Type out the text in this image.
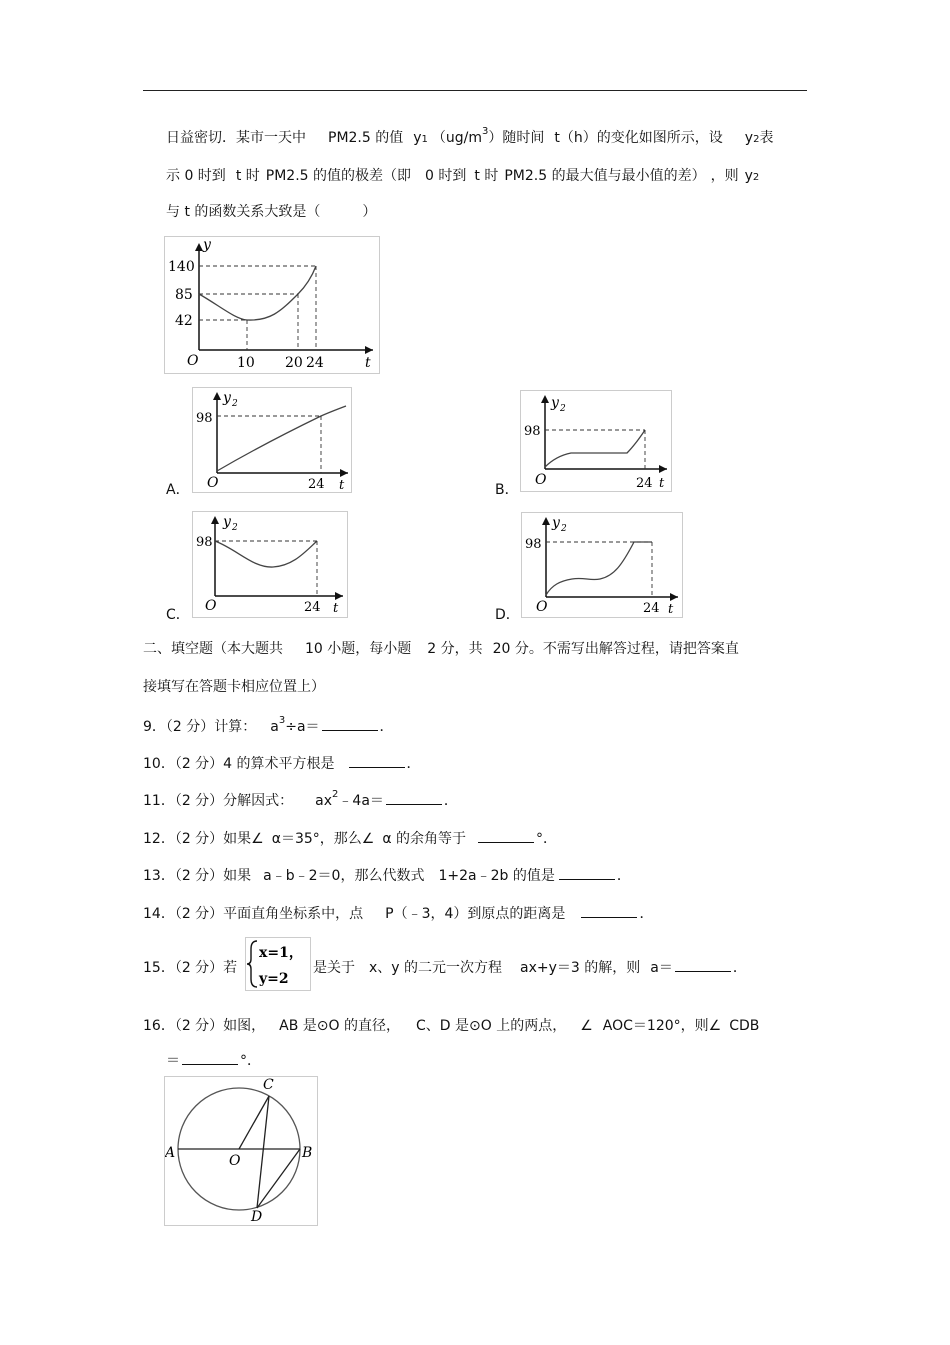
日益密切．某市一天中 PM2.5 的值 y1 $(ug/m^3)$随时间 t（h）的变化如图所示，设 y2表
示 0 时到 t 时 PM2.5 的值的极差（即 0 时到 t 时 PM2.5 的最大值与最小值的差） ，则 y2
与 t 的函数关系大致是（　　　）
y
t
O
140
85
42
10 20 24
A．
y 2
98
24 t
O	B．
y 2
98
24 t
O
C．
y 2
98
24 t
O
D．
y 2
98
24 t
O
二、填空题（本大题共 10 小题，每小题 2 分，共 20 分。不需写出解答过程，请把答案直
接填写在答题卡相应位置上）
9．（2 分）计算： $a^3\div a=$	．
10．（2 分）4 的算术平方根是	．
11．（2 分）分解因式： $ax^2﹣4a=$	．
12．（2 分）如果∠ α＝35°，那么∠ α 的余角等于	°．
13．（2 分）如果 a﹣b﹣2＝0，那么代数式 1+2a﹣2b 的值是	．
14．（2 分）平面直角坐标系中，点 P（﹣3，4）到原点的距离是	．
15．（2 分）若
x=1，
y=2
是关于 x、y 的二元一次方程 ax+y＝3 的解，则 a＝	．
16．（2 分）如图， AB 是⊙O 的直径， C、D 是⊙O 上的两点， ∠ AOC＝120°，则∠ CDB
＝	°．
A	B
C
D
O
